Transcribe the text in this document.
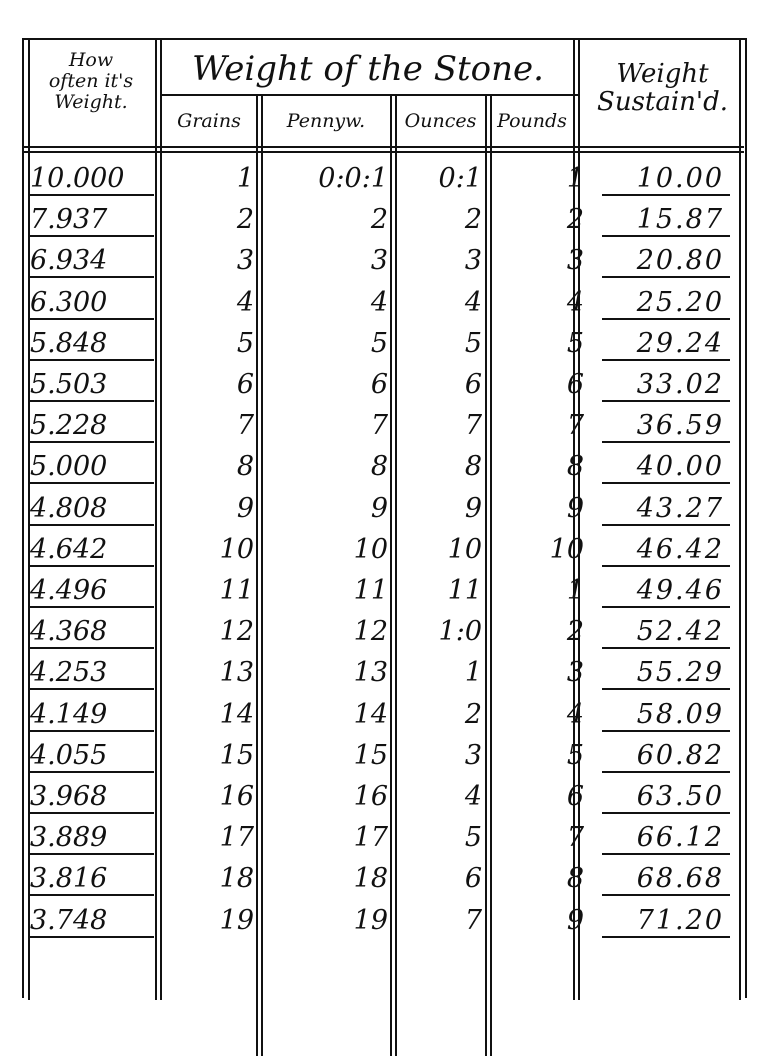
How
often it's
Weight.
Weight of the Stone.
Grains	Pennyw.	Ounces	Pounds
Weight
Sustain'd.
10.000	1	0:0:1	0:1	1	10.00
7.937	2	2	2	2	15.87
6.934	3	3	3	3	20.80
6.300	4	4	4	4	25.20
5.848	5	5	5	5	29.24
5.503	6	6	6	6	33.02
5.228	7	7	7	7	36.59
5.000	8	8	8	8	40.00
4.808	9	9	9	9	43.27
4.642	10	10	10	10	46.42
4.496	11	11	11	1	49.46
4.368	12	12	1:0	2	52.42
4.253	13	13	1	3	55.29
4.149	14	14	2	4	58.09
4.055	15	15	3	5	60.82
3.968	16	16	4	6	63.50
3.889	17	17	5	7	66.12
3.816	18	18	6	8	68.68
3.748	19	19	7	9	71.20
